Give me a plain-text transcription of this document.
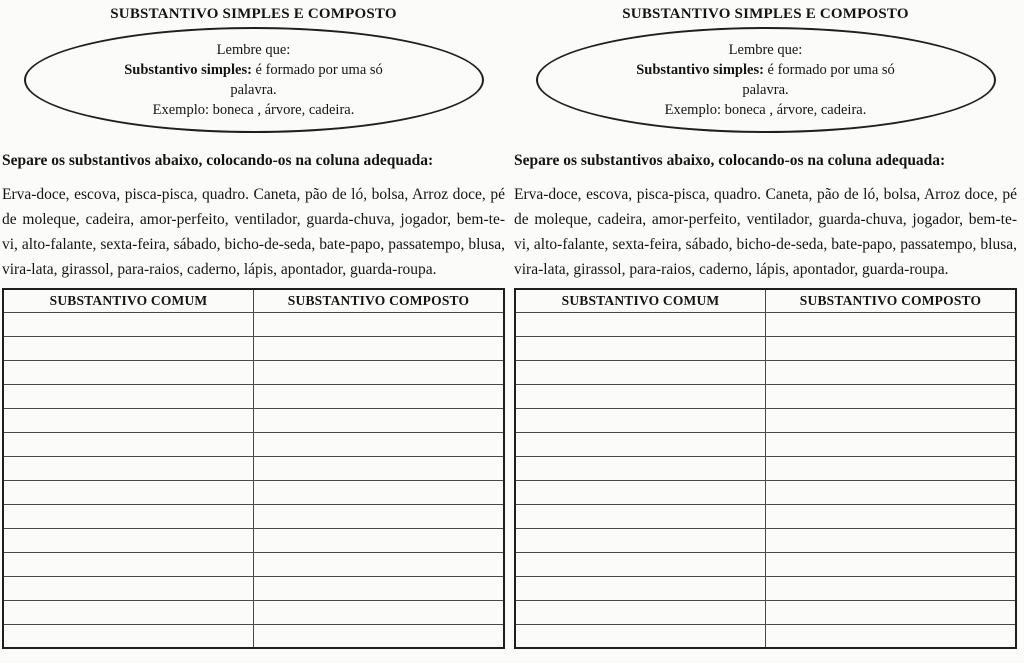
SUBSTANTIVO SIMPLES E COMPOSTO
Lembre que:
Substantivo simples: é formado por uma só
palavra.
Exemplo: boneca , árvore, cadeira.

Separe os substantivos abaixo, colocando-os na coluna adequada:

Erva-doce, escova, pisca-pisca, quadro. Caneta, pão de ló, bolsa, Arroz doce, pé de moleque, cadeira, amor-perfeito, ventilador, guarda-chuva, jogador, bem-te-vi, alto-falante, sexta-feira, sábado, bicho-de-seda, bate-papo, passatempo, blusa, vira-lata, girassol, para-raios, caderno, lápis, apontador, guarda-roupa.

SUBSTANTIVO COMUM	SUBSTANTIVO COMPOSTO

SUBSTANTIVO SIMPLES E COMPOSTO
Lembre que:
Substantivo simples: é formado por uma só
palavra.
Exemplo: boneca , árvore, cadeira.

Separe os substantivos abaixo, colocando-os na coluna adequada:

Erva-doce, escova, pisca-pisca, quadro. Caneta, pão de ló, bolsa, Arroz doce, pé de moleque, cadeira, amor-perfeito, ventilador, guarda-chuva, jogador, bem-te-vi, alto-falante, sexta-feira, sábado, bicho-de-seda, bate-papo, passatempo, blusa, vira-lata, girassol, para-raios, caderno, lápis, apontador, guarda-roupa.

SUBSTANTIVO COMUM	SUBSTANTIVO COMPOSTO
